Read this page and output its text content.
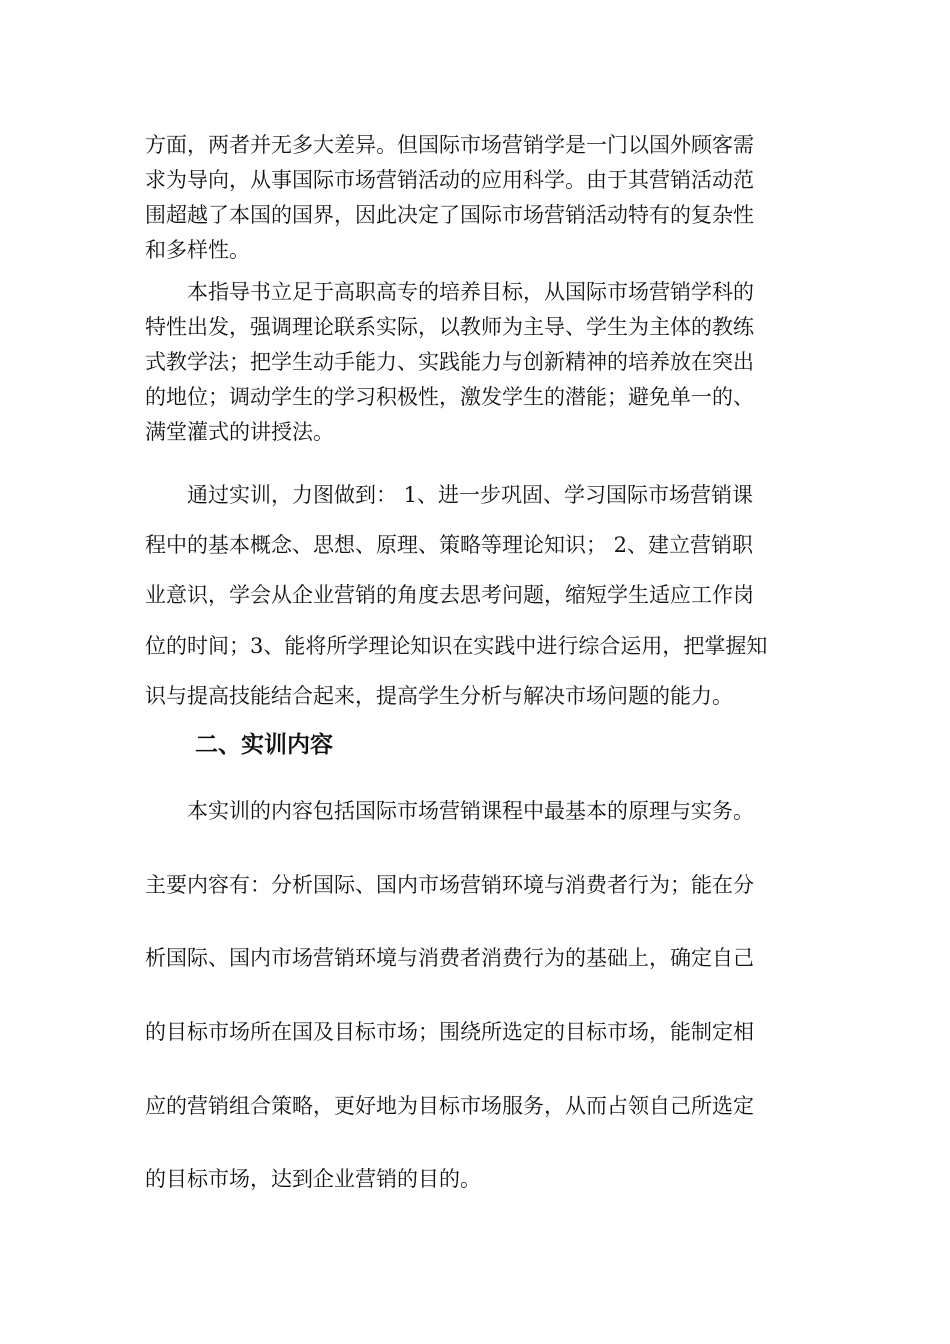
方面，两者并无多大差异。但国际市场营销学是一门以国外顾客需
求为导向，从事国际市场营销活动的应用科学。由于其营销活动范
围超越了本国的国界，因此决定了国际市场营销活动特有的复杂性
和多样性。
本指导书立足于高职高专的培养目标，从国际市场营销学科的
特性出发，强调理论联系实际，以教师为主导、学生为主体的教练
式教学法；把学生动手能力、实践能力与创新精神的培养放在突出
的地位；调动学生的学习积极性，激发学生的潜能；避免单一的、
满堂灌式的讲授法。
通过实训，力图做到： 1、进一步巩固、学习国际市场营销课
程中的基本概念、思想、原理、策略等理论知识； 2、建立营销职
业意识，学会从企业营销的角度去思考问题，缩短学生适应工作岗
位的时间；3、能将所学理论知识在实践中进行综合运用，把掌握知
识与提高技能结合起来，提高学生分析与解决市场问题的能力。
二、实训内容
本实训的内容包括国际市场营销课程中最基本的原理与实务。
主要内容有：分析国际、国内市场营销环境与消费者行为；能在分
析国际、国内市场营销环境与消费者消费行为的基础上，确定自己
的目标市场所在国及目标市场；围绕所选定的目标市场，能制定相
应的营销组合策略，更好地为目标市场服务，从而占领自己所选定
的目标市场，达到企业营销的目的。
